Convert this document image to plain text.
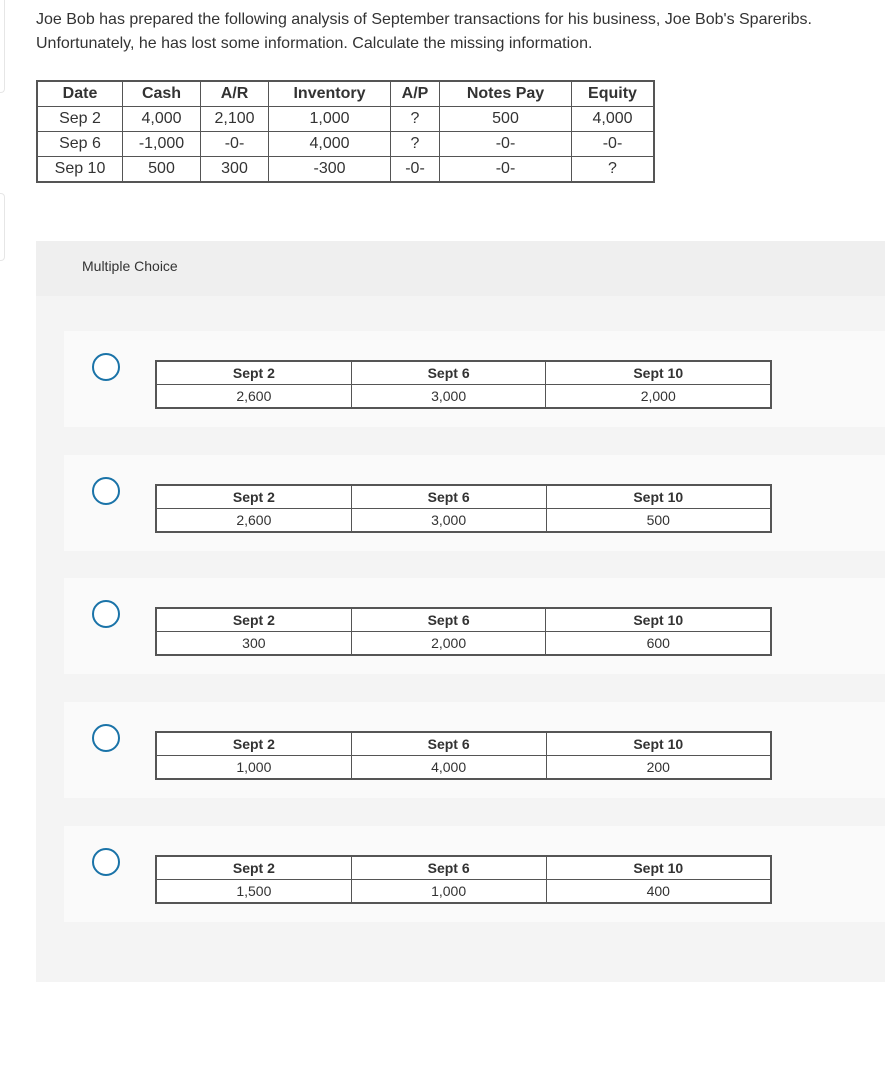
Joe Bob has prepared the following analysis of September transactions for his business, Joe Bob's Spareribs. Unfortunately, he has lost some information. Calculate the missing information.

Date	Cash	A/R	Inventory	A/P	Notes Pay	Equity
Sep 2	4,000	2,100	1,000	?	500	4,000
Sep 6	-1,000	-0-	4,000	?	-0-	-0-
Sep 10	500	300	-300	-0-	-0-	?
Multiple Choice
Sept 2	Sept 6	Sept 10
2,600	3,000	2,000
Sept 2	Sept 6	Sept 10
2,600	3,000	500
Sept 2	Sept 6	Sept 10
300	2,000	600
Sept 2	Sept 6	Sept 10
1,000	4,000	200
Sept 2	Sept 6	Sept 10
1,500	1,000	400
